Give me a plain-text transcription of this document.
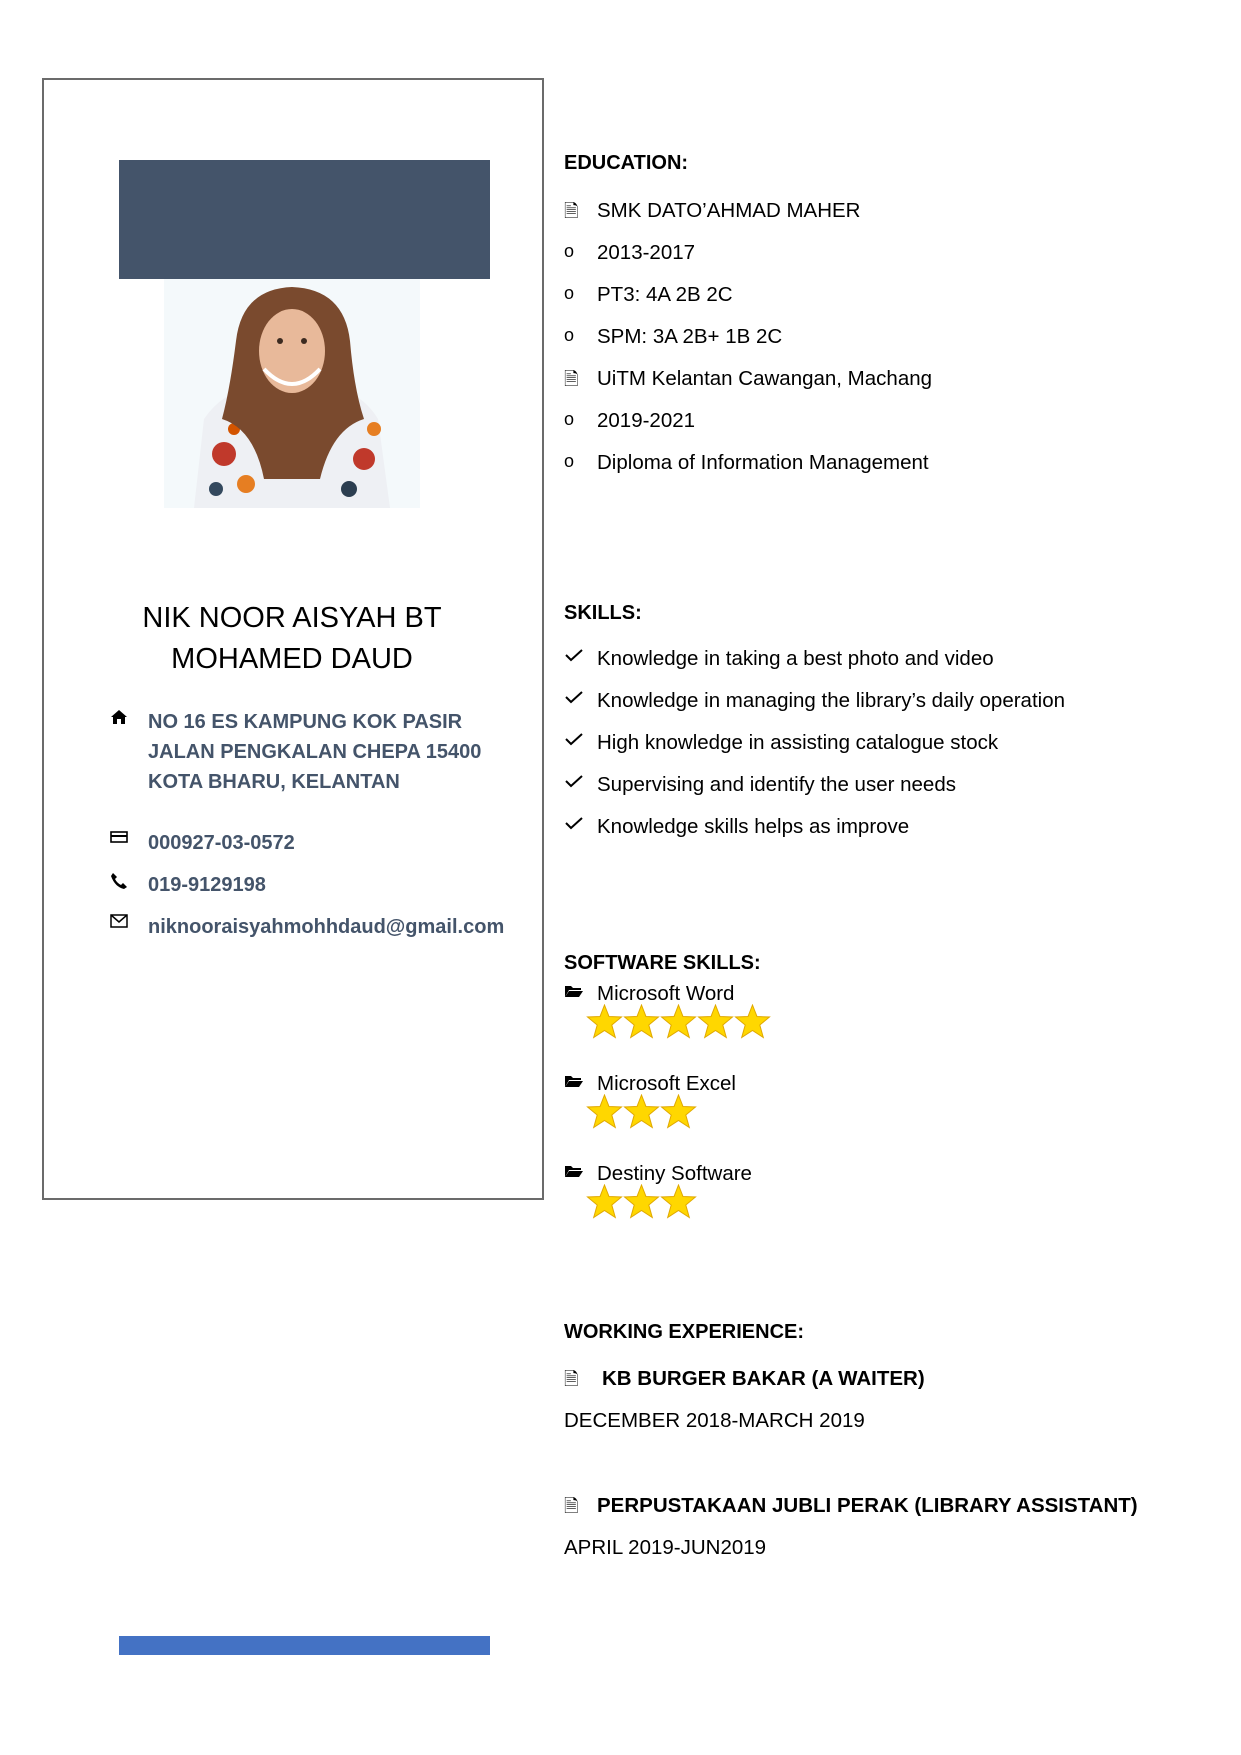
NIK NOOR AISYAH BT
MOHAMED DAUD
NO 16 ES KAMPUNG KOK PASIR
JALAN PENGKALAN CHEPA 15400
KOTA BHARU, KELANTAN
000927-03-0572
019-9129198
niknooraisyahmohhdaud@gmail.com
EDUCATION:
🗎 SMK DATO’AHMAD MAHER
o	2013-2017
o	PT3: 4A 2B 2C
o	SPM: 3A 2B+ 1B 2C
🗎 UiTM Kelantan Cawangan, Machang
o	2019-2021
o	Diploma of Information Management
SKILLS:
Knowledge in taking a best photo and video
Knowledge in managing the library’s daily operation
High knowledge in assisting catalogue stock
Supervising and identify the user needs
Knowledge skills helps as improve
SOFTWARE SKILLS:
Microsoft Word
Microsoft Excel
Destiny Software
WORKING EXPERIENCE:
🗎	KB BURGER BAKAR (A WAITER)
DECEMBER 2018-MARCH 2019
🗎 PERPUSTAKAAN JUBLI PERAK (LIBRARY ASSISTANT)
APRIL 2019-JUN2019
